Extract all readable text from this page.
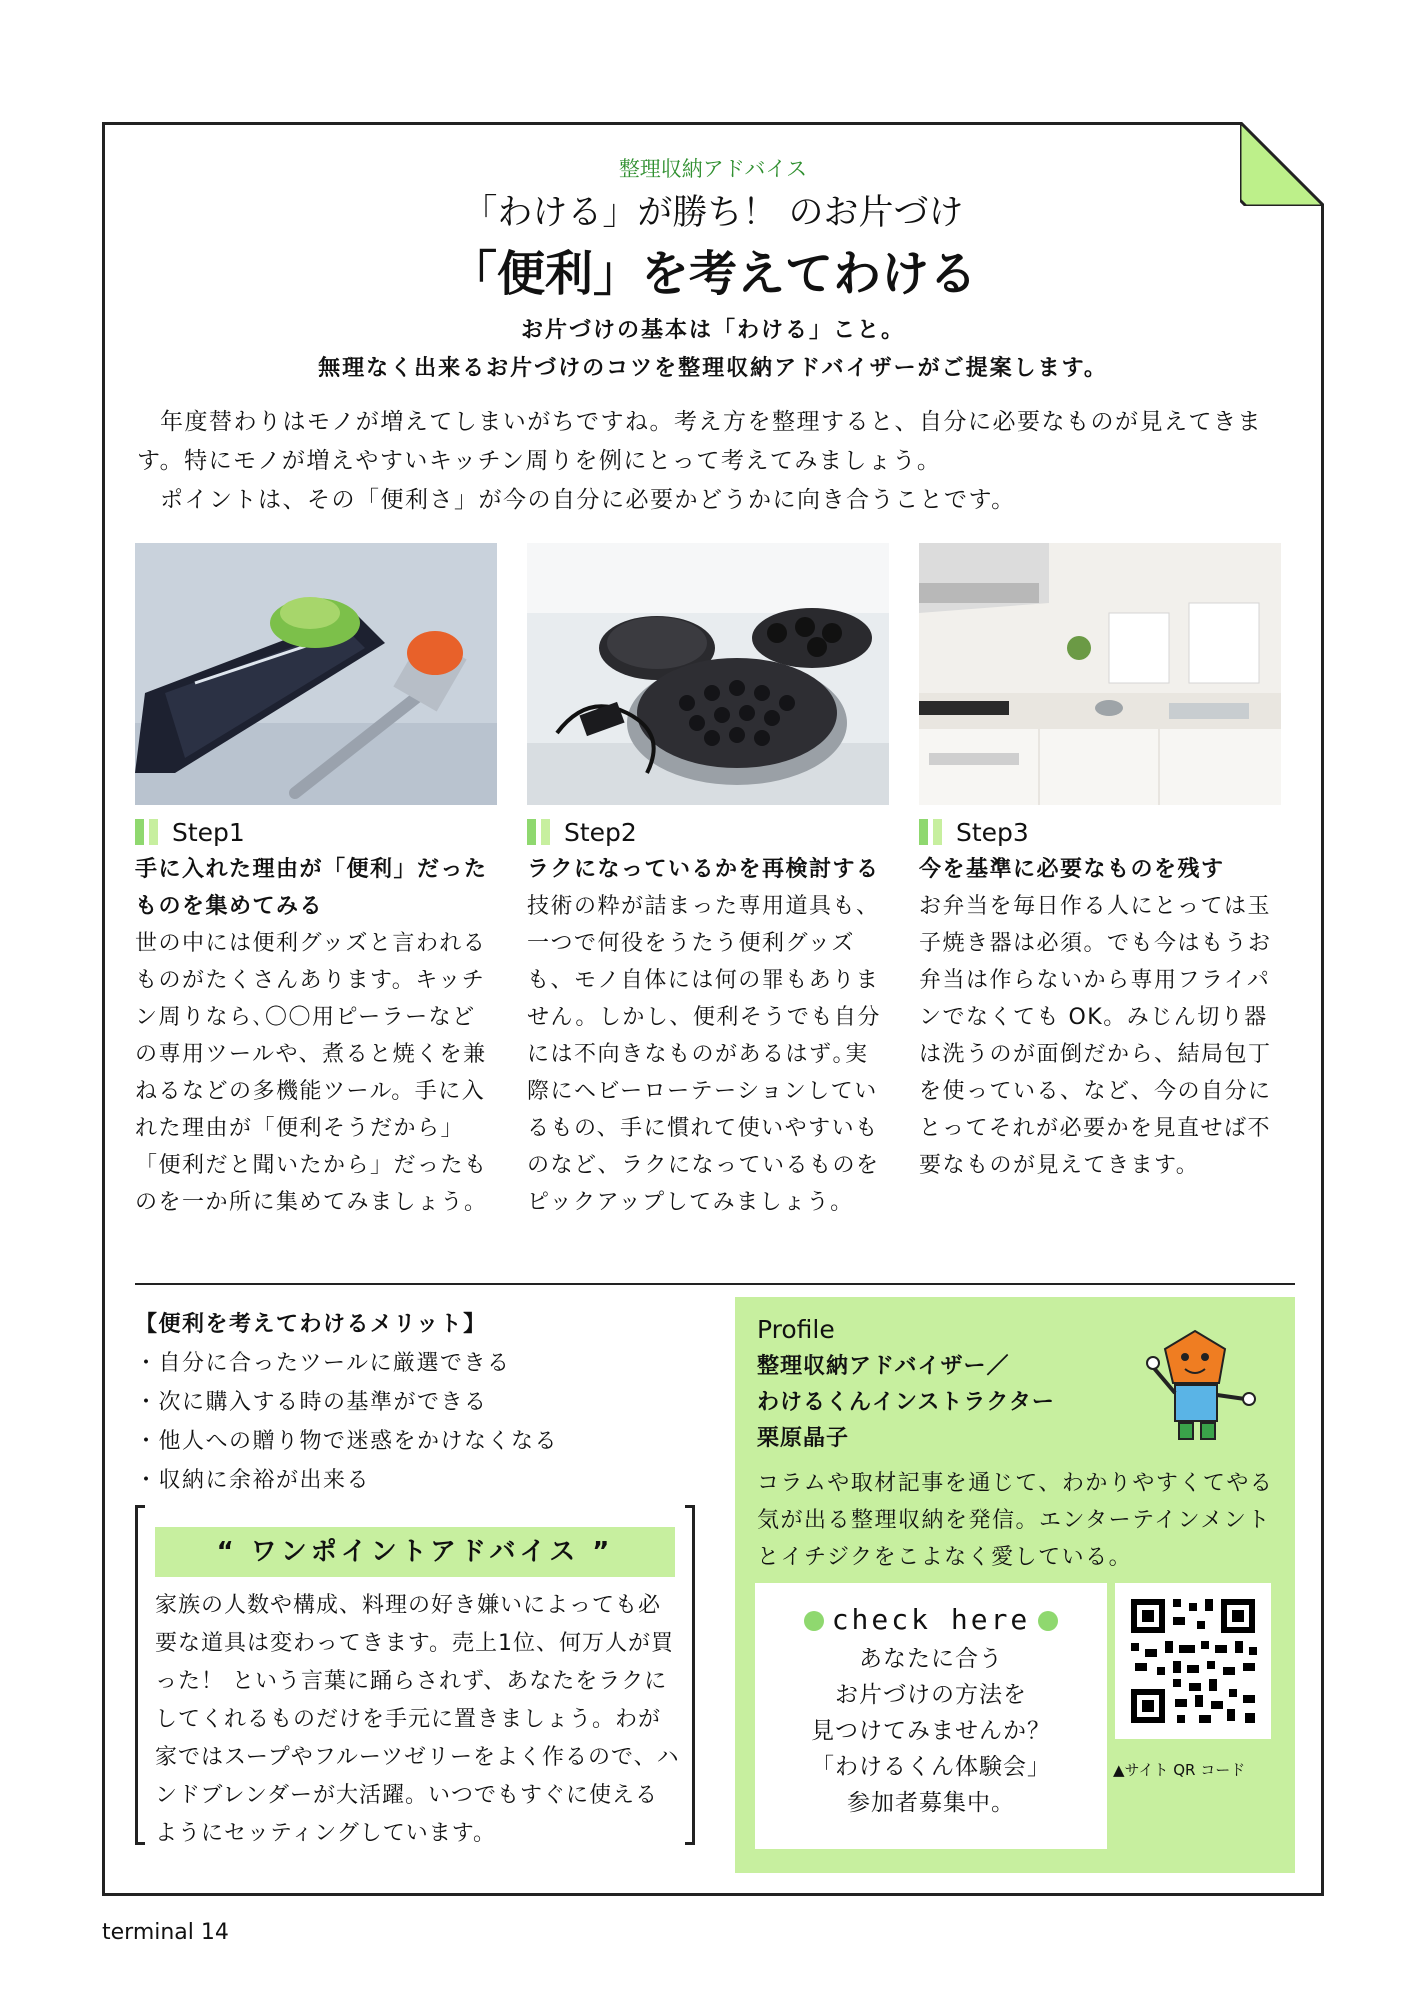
整理収納アドバイス
「わける」が勝ち！ のお片づけ
「便利」を考えてわける
お片づけの基本は「わける」こと。
無理なく出来るお片づけのコツを整理収納アドバイザーがご提案します。

年度替わりはモノが増えてしまいがちですね。考え方を整理すると、自分に必要なものが見えてきます。特にモノが増えやすいキッチン周りを例にとって考えてみましょう。

ポイントは、その「便利さ」が今の自分に必要かどうかに向き合うことです。

Step1
手に入れた理由が「便利」だったものを集めてみる
世の中には便利グッズと言われるものがたくさんあります。キッチン周りなら､〇〇用ピーラーなどの専用ツールや、煮ると焼くを兼ねるなどの多機能ツール。手に入れた理由が「便利そうだから」「便利だと聞いたから」だったものを一か所に集めてみましょう。
Step2
ラクになっているかを再検討する
技術の粋が詰まった専用道具も、一つで何役をうたう便利グッズも、モノ自体には何の罪もありません。しかし、便利そうでも自分には不向きなものがあるはず｡実際にヘビーローテーションしているもの、手に慣れて使いやすいものなど、ラクになっているものをピックアップしてみましょう。
Step3
今を基準に必要なものを残す
お弁当を毎日作る人にとっては玉子焼き器は必須。でも今はもうお弁当は作らないから専用フライパンでなくても OK。みじん切り器は洗うのが面倒だから、結局包丁を使っている、など、今の自分にとってそれが必要かを見直せば不要なものが見えてきます。
【便利を考えてわけるメリット】
・自分に合ったツールに厳選できる
・次に購入する時の基準ができる
・他人への贈り物で迷惑をかけなくなる
・収納に余裕が出来る
“ ワンポイントアドバイス ”
家族の人数や構成、料理の好き嫌いによっても必要な道具は変わってきます。売上1位、何万人が買った！ という言葉に踊らされず、あなたをラクにしてくれるものだけを手元に置きましょう。わが家ではスープやフルーツゼリーをよく作るので、ハンドブレンダーが大活躍。いつでもすぐに使えるようにセッティングしています。
Profile

整理収納アドバイザー／

わけるくんインストラクター

栗原晶子

コラムや取材記事を通じて、わかりやすくてやる気が出る整理収納を発信。エンターテインメントとイチジクをこよなく愛している。
check here

あなたに合う

お片づけの方法を

見つけてみませんか？

「わけるくん体験会」

参加者募集中。

▲サイト QR コード
terminal 14
